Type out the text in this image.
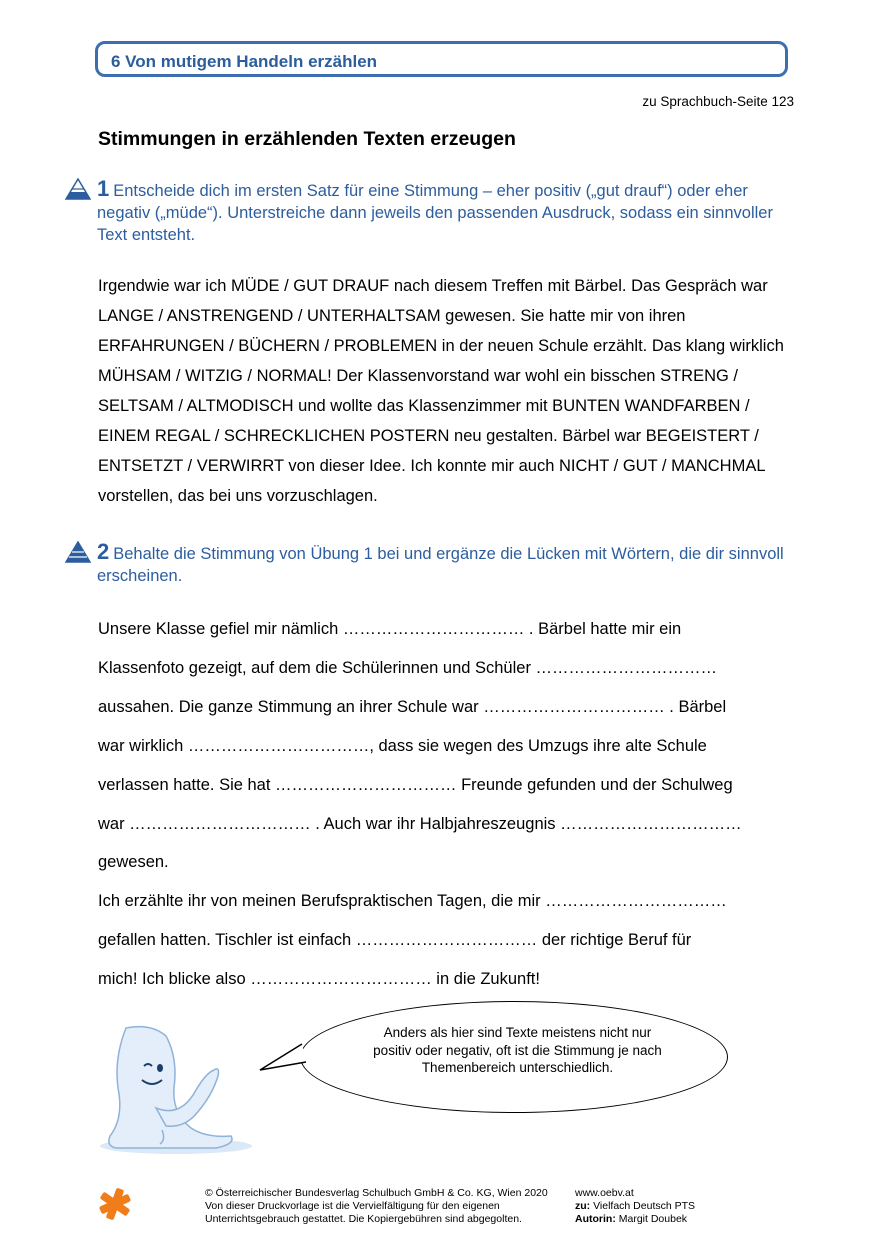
6 Von mutigem Handeln erzählen

zu Sprachbuch-Seite 123

Stimmungen in erzählenden Texten erzeugen

1 Entscheide dich im ersten Satz für eine Stimmung – eher positiv („gut drauf“) oder eher negativ („müde“). Unterstreiche dann jeweils den passenden Ausdruck, sodass ein sinnvoller Text entsteht.

Irgendwie war ich MÜDE / GUT DRAUF nach diesem Treffen mit Bärbel. Das Gespräch war LANGE / ANSTRENGEND / UNTERHALTSAM gewesen. Sie hatte mir von ihren ERFAHRUNGEN / BÜCHERN / PROBLEMEN in der neuen Schule erzählt. Das klang wirklich MÜHSAM / WITZIG / NORMAL! Der Klassenvorstand war wohl ein bisschen STRENG / SELTSAM / ALTMODISCH und wollte das Klassenzimmer mit BUNTEN WANDFARBEN / EINEM REGAL / SCHRECKLICHEN POSTERN neu gestalten. Bärbel war BEGEISTERT / ENTSETZT / VERWIRRT von dieser Idee. Ich konnte mir auch NICHT / GUT / MANCHMAL vorstellen, das bei uns vorzuschlagen.

2 Behalte die Stimmung von Übung 1 bei und ergänze die Lücken mit Wörtern, die dir sinnvoll erscheinen.

Unsere Klasse gefiel mir nämlich …………………………… . Bärbel hatte mir ein

Klassenfoto gezeigt, auf dem die Schülerinnen und Schüler ……………………………

aussahen. Die ganze Stimmung an ihrer Schule war …………………………… . Bärbel

war wirklich ……………………………, dass sie wegen des Umzugs ihre alte Schule

verlassen hatte. Sie hat …………………………… Freunde gefunden und der Schulweg

war …………………………… . Auch war ihr Halbjahreszeugnis ……………………………

gewesen.

Ich erzählte ihr von meinen Berufspraktischen Tagen, die mir ……………………………

gefallen hatten. Tischler ist einfach …………………………… der richtige Beruf für

mich! Ich blicke also …………………………… in die Zukunft!

Anders als hier sind Texte meistens nicht nur positiv oder negativ, oft ist die Stimmung je nach Themenbereich unterschiedlich.

© Österreichischer Bundesverlag Schulbuch GmbH & Co. KG, Wien 2020

Von dieser Druckvorlage ist die Vervielfältigung für den eigenen Unterrichtsgebrauch gestattet. Die Kopiergebühren sind abgegolten.

www.oebv.at

zu: Vielfach Deutsch PTS

Autorin: Margit Doubek
